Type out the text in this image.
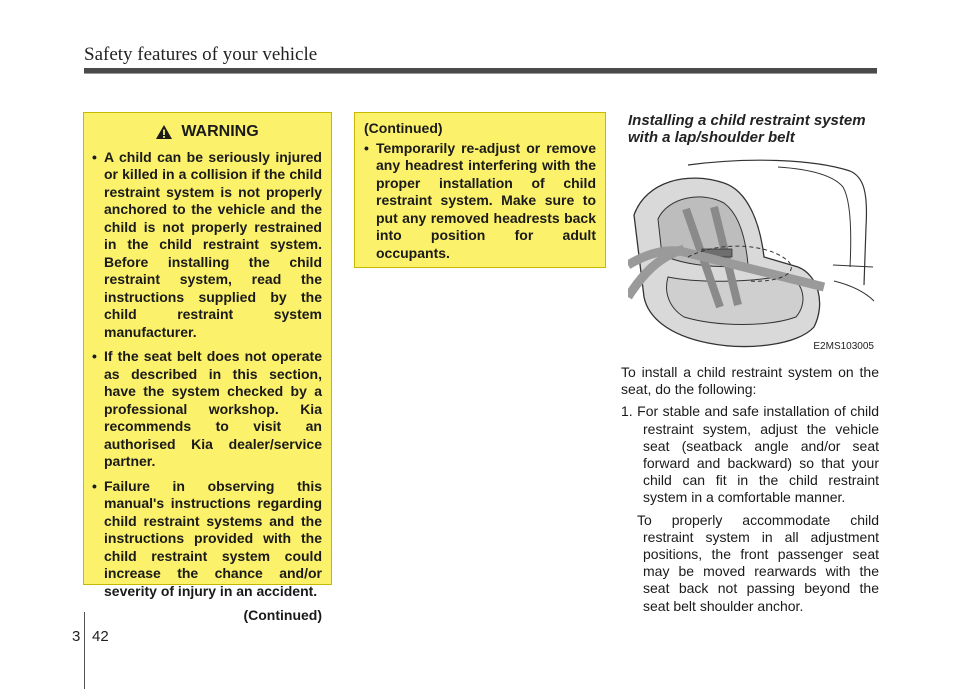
Safety features of your vehicle
WARNING
• A child can be seriously injured or killed in a collision if the child restraint system is not properly anchored to the vehicle and the child is not properly restrained in the child restraint system. Before installing the child restraint system, read the instructions supplied by the child restraint system manufacturer.
• If the seat belt does not operate as described in this section, have the system checked by a professional workshop. Kia recommends to visit an authorised Kia dealer/service partner.
• Failure in observing this manual's instructions regarding child restraint systems and the instructions provided with the child restraint system could increase the chance and/or severity of injury in an accident.
(Continued)
(Continued)
• Temporarily re-adjust or remove any headrest interfering with the proper installation of child restraint system. Make sure to put any removed headrests back into position for adult occupants.
Installing a child restraint system with a lap/shoulder belt
E2MS103005

To install a child restraint system on the seat, do the following:

1. For stable and safe installation of child restraint system, adjust the vehicle seat (seatback angle and/or seat forward and backward) so that your child can fit in the child restraint system in a comfortable manner.

To properly accommodate child restraint system in all adjustment positions, the front passenger seat may be moved rearwards with the seat back not passing beyond the seat belt shoulder anchor.

3 42
